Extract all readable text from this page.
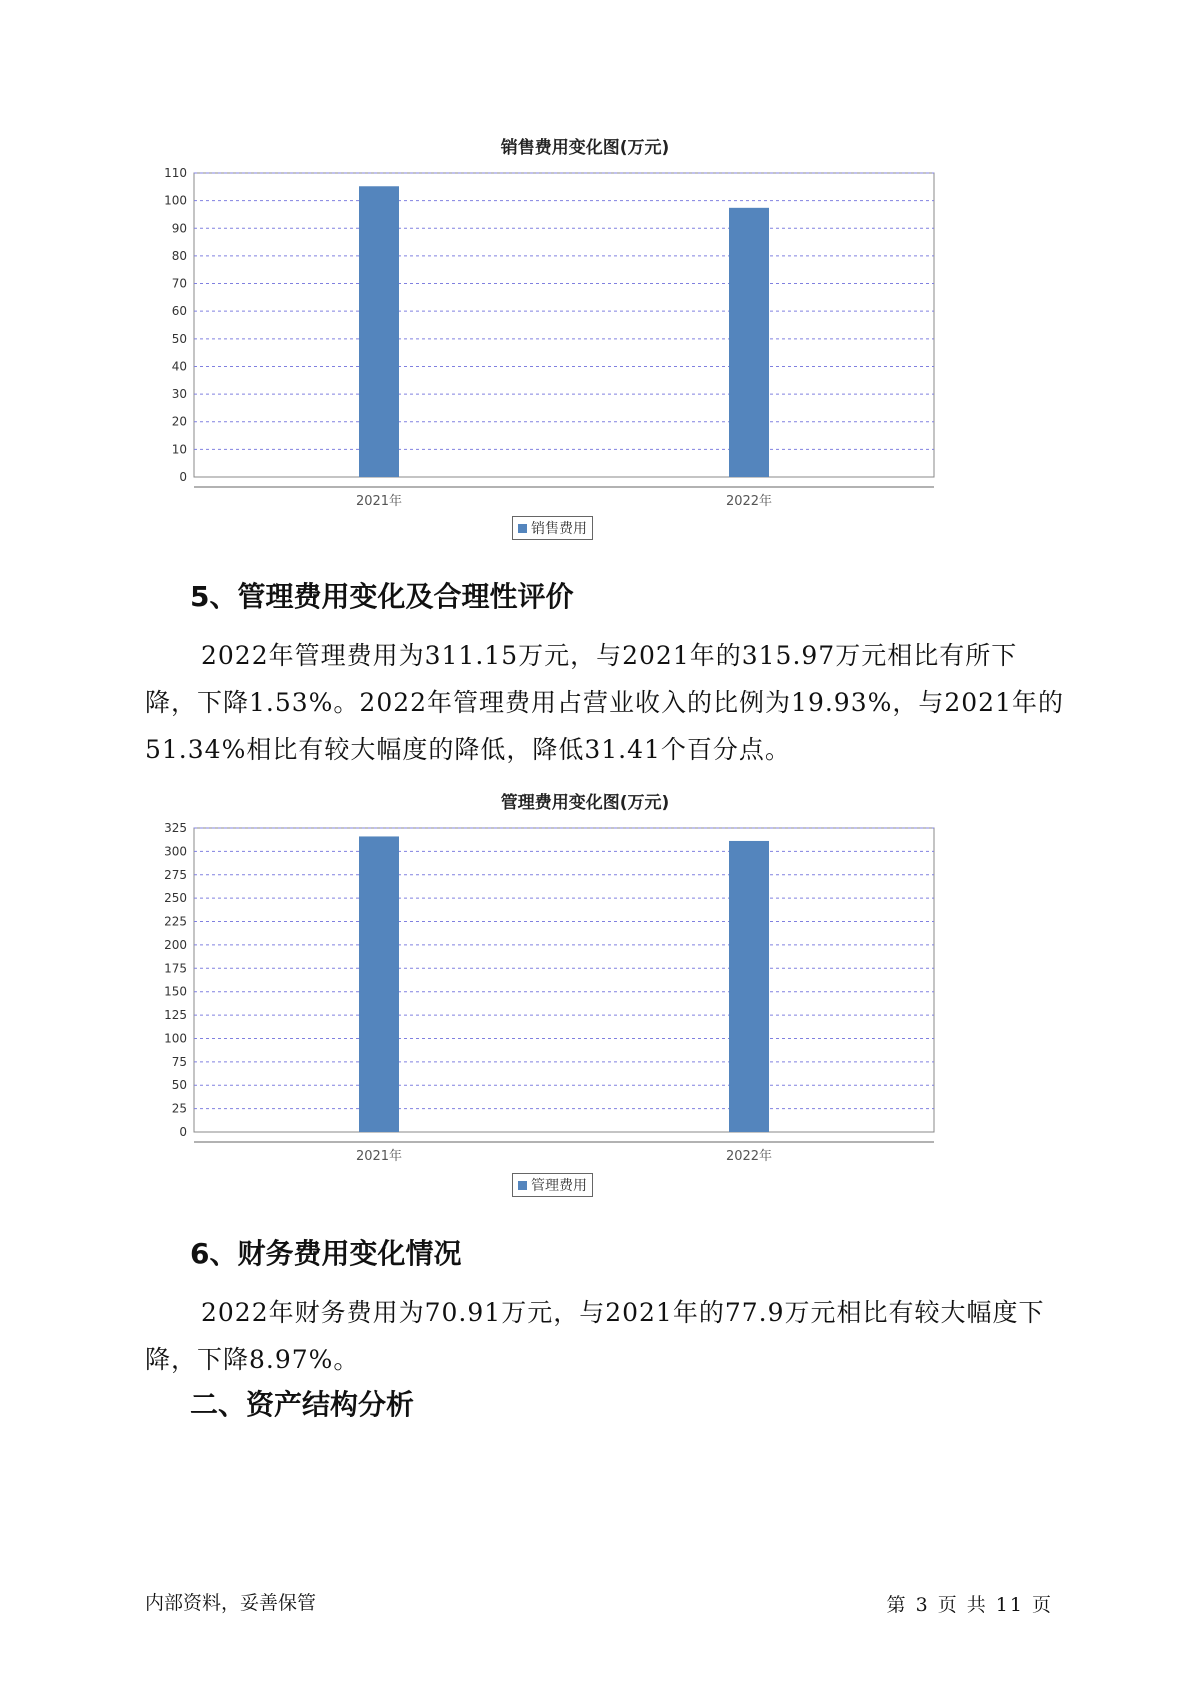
销售费用变化图(万元)
0
10
20
30
40
50
60
70
80
90
100
110
2021年	2022年
销售费用
5、管理费用变化及合理性评价

2022年管理费用为311.15万元，与2021年的315.97万元相比有所下降，下降1.53%。2022年管理费用占营业收入的比例为19.93%，与2021年的51.34%相比有较大幅度的降低，降低31.41个百分点。

管理费用变化图(万元)
0
25
50
75
100
125
150
175
200
225
250
275
300
325
2021年	2022年
管理费用
6、财务费用变化情况

2022年财务费用为70.91万元，与2021年的77.9万元相比有较大幅度下降，下降8.97%。

二、资产结构分析
内部资料，妥善保管	第 3 页 共 11 页
